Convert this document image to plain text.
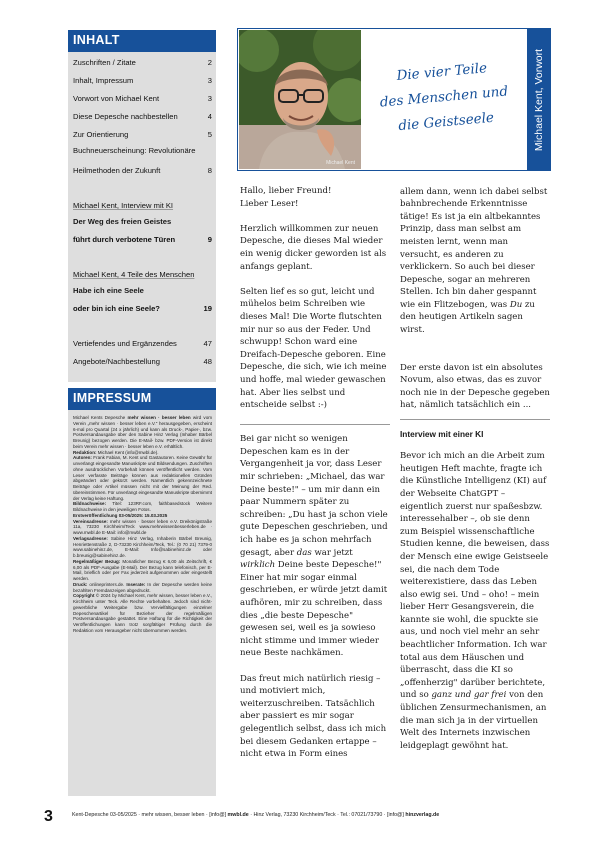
INHALT
Zuschriften / Zitate	2
Inhalt, Impressum	3
Vorwort von Michael Kent	3
Diese Depesche nachbestellen	4
Zur Orientierung	5
Buchneuerscheinung: Revolutionäre
Heilmethoden der Zukunft	8
Michael Kent, Interview mit KI
Der Weg des freien Geistes
führt durch verbotene Türen	9
Michael Kent, 4 Teile des Menschen
Habe ich eine Seele
oder bin ich eine Seele?	19
Vertiefendes und Ergänzendes	47
Angebote/Nachbestellung	48
IMPRESSUM
Michael Kents Depesche mehr wissen · besser leben wird vom Verein „mehr wissen · besser leben e.V." herausgegeben, erscheint 6-mal pro Quartal (24 x jährlich) und kann als Druck-, Papier-, bzw. Postversandausgabe über den Sabine Hinz Verlag (Inhaber Bärbel Breunig) bezogen werden. Die E-Mail- bzw. PDF-Version ist direkt beim Verein mehr wissen · besser leben e.V. erhältlich.
Redaktion: Michael Kent (info@mwbl.de).
Autoren: Frank Fabian, M. Kent und Gastautoren. Keine Gewähr für unverlangt eingesandte Manuskripte und Bildsendungen. Zuschriften ohne ausdrücklichen Vorbehalt können veröffentlicht werden. Vom Leser verfasste Beiträge können aus redaktionellen Gründen abgeändert oder gekürzt werden. Namentlich gekennzeichnete Beiträge oder Artikel müssen nicht mit der Meinung der Red. übereinstimmen. Für unverlangt eingesandte Manuskripte übernimmt der Verlag keine Haftung.
Bildnachweise: Titel: 123RF.com, faithbasedstock Weitere Bildnachweise in den jeweiligen Fotos.
Erstveröffentlichung 03-05/2025: 15.03.2025
Vereinsadresse: mehr wissen · besser leben e.V. Dreikönigstraße 11a, 73230 Kirchheim/Teck www.mehrwissenbesserleben.de · www.mwbl.de E-Mail: info@mwbl.de
Verlagsadresse: Sabine Hinz Verlag, Inhaberin Bärbel Breunig, Henriettenstraße 2, D-73230 Kirchheim/Teck, Tel.: (0 70 21) 7379-0 www.sabinehinz.de, E-Mail: Info@sabinehinz.de oder b.breunig@sabinehinz.de.
Regelmäßiger Bezug: Monatlicher Bezug € 6,00 als Zeitschrift, € 6,00 als PDF-Ausgabe (E-Mail). Der Bezug kann telefonisch, per E-Mail, brieflich oder per Fax jederzeit aufgenommen oder eingestellt werden.
Druck: onlineprinters.de. Inserate: In der Depesche werden keine bezahlten Fremdanzeigen abgedruckt.
Copyright © 2024 by Michael Kent, mehr wissen, besser leben e.V., Kirchheim unter Teck. Alle Rechte vorbehalten. Jedoch sind nicht-gewerbliche Weitergabe bzw. Vervielfältigungen einzelner Depeschenartikel für Bezieher der regelmäßigen Postversandausgabe gestattet. Eine Haftung für die Richtigkeit der Veröffentlichungen kann trotz sorgfältiger Prüfung durch die Redaktion vom Herausgeber nicht übernommen werden.
Michael Kent
Die vier Teile
des Menschen und
die Geistseele	Michael Kent, Vorwort

Hallo, lieber Freund!

Lieber Leser!

Herzlich willkommen zur neuen Depesche, die dieses Mal wieder ein wenig dicker geworden ist als anfangs geplant.

Selten lief es so gut, leicht und mühelos beim Schreiben wie dieses Mal! Die Worte flutschten mir nur so aus der Feder. Und schwupp! Schon ward eine Dreifach-Depesche geboren. Eine Depesche, die sich, wie ich meine und hoffe, mal wieder gewaschen hat. Aber lies selbst und entscheide selbst :-)

Bei gar nicht so wenigen Depeschen kam es in der Vergangenheit ja vor, dass Leser mir schrieben: „Michael, das war Deine beste!" – um mir dann ein paar Nummern später zu schreiben: „Du hast ja schon viele gute Depeschen geschrieben, und ich habe es ja schon mehrfach gesagt, aber das war jetzt wirklich Deine beste Depesche!" Einer hat mir sogar einmal geschrieben, er würde jetzt damit aufhören, mir zu schreiben, dass dies „die beste Depesche" gewesen sei, weil es ja sowieso nicht stimme und immer wieder neue Beste nachkämen.

Das freut mich natürlich riesig – und motiviert mich, weiterzuschreiben. Tatsächlich aber passiert es mir sogar gelegentlich selbst, dass ich mich bei diesem Gedanken ertappe – nicht etwa in Form eines

allem dann, wenn ich dabei selbst bahnbrechende Erkenntnisse tätige! Es ist ja ein altbekanntes Prinzip, dass man selbst am meisten lernt, wenn man versucht, es anderen zu verklickern. So auch bei dieser Depesche, sogar an mehreren Stellen. Ich bin daher gespannt wie ein Flitzebogen, was Du zu den heutigen Artikeln sagen wirst.

Der erste davon ist ein absolutes Novum, also etwas, das es zuvor noch nie in der Depesche gegeben hat, nämlich tatsächlich ein ...

Interview mit einer KI

Bevor ich mich an die Arbeit zum heutigen Heft machte, fragte ich die Künstliche Intelligenz (KI) auf der Webseite ChatGPT – eigentlich zuerst nur spaßesbzw. interessehalber –, ob sie denn zum Beispiel wissenschaftliche Studien kenne, die beweisen, dass der Mensch eine ewige Geistseele sei, die nach dem Tode weiterexistiere, dass das Leben also ewig sei. Und – oho! – mein lieber Herr Gesangsverein, die kannte sie wohl, die spuckte sie aus, und noch viel mehr an sehr beachtlicher Information. Ich war total aus dem Häuschen und überrascht, dass die KI so „offenherzig" darüber berichtete, und so ganz und gar frei von den üblichen Zensurmechanismen, an die man sich ja in der virtuellen Welt des Internets inzwischen leidgeplagt gewöhnt hat.

3	Kent-Depesche 03-05/2025 · mehr wissen, besser leben · [info@] mwbl.de · Hinz Verlag, 73230 Kirchheim/Teck · Tel.: 07021/73790 · [info@] hinzverlag.de
